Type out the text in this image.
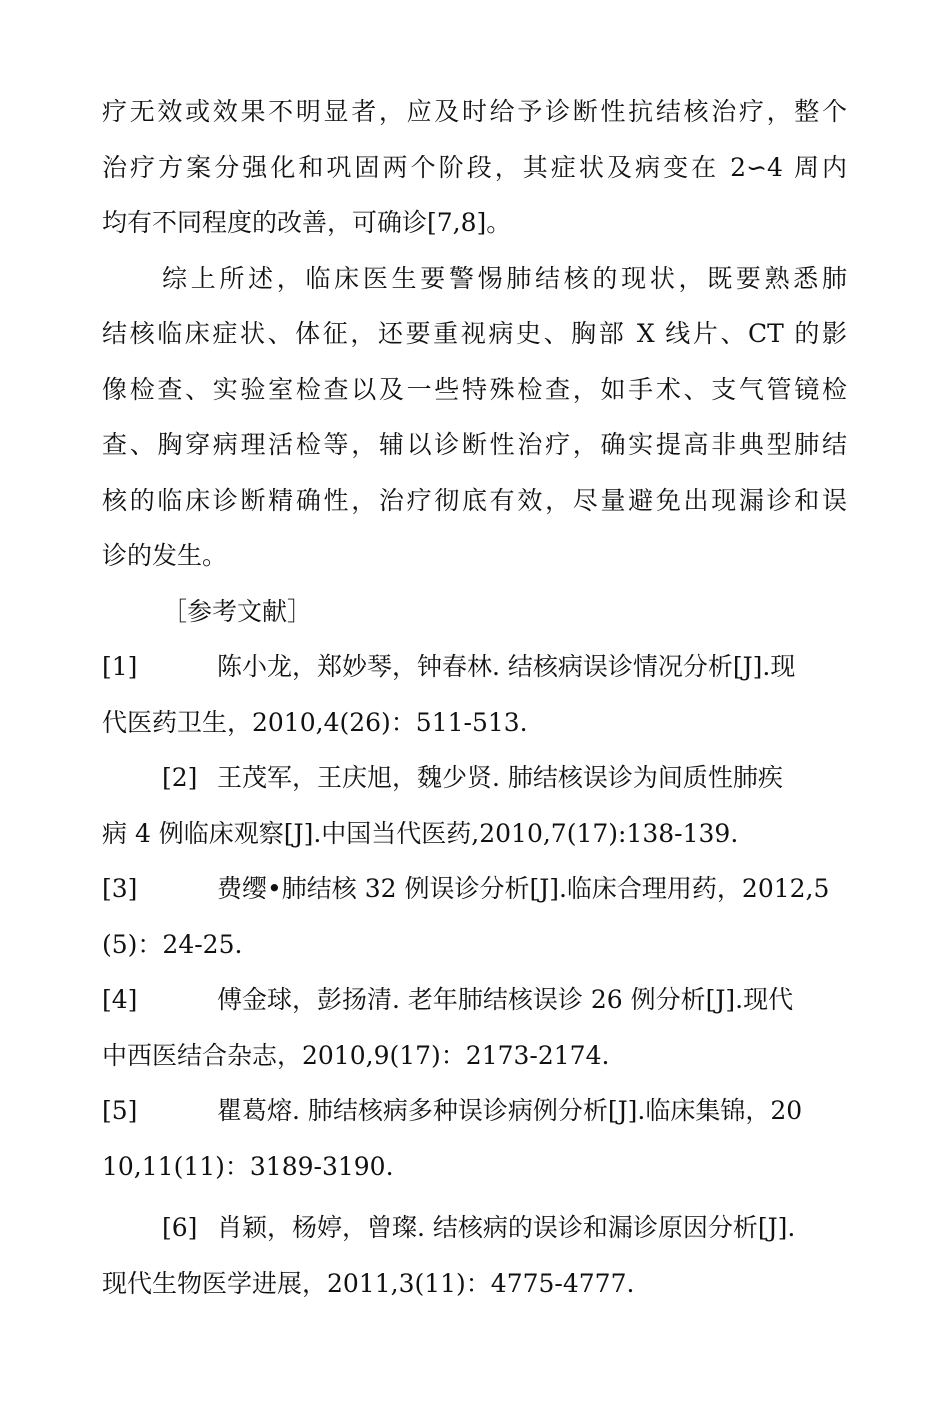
疗无效或效果不明显者，应及时给予诊断性抗结核治疗，整个
治疗方案分强化和巩固两个阶段，其症状及病变在 2∽4 周内
均有不同程度的改善，可确诊[7,8]。
综上所述，临床医生要警惕肺结核的现状，既要熟悉肺
结核临床症状、体征，还要重视病史、胸部 X 线片、CT 的影
像检查、实验室检查以及一些特殊检查，如手术、支气管镜检
查、胸穿病理活检等，辅以诊断性治疗，确实提高非典型肺结
核的临床诊断精确性，治疗彻底有效，尽量避免出现漏诊和误
诊的发生。
［参考文献］
[1]	陈小龙，郑妙琴，钟春林. 结核病误诊情况分析[J].现
代医药卫生，2010,4(26)：511-513.
[2] 王茂军，王庆旭，魏少贤. 肺结核误诊为间质性肺疾
病 4 例临床观察[J].中国当代医药,2010,7(17):138-139.
[3]	费缨•肺结核 32 例误诊分析[J].临床合理用药，2012,5
(5)：24-25.
[4]	傅金球，彭扬清. 老年肺结核误诊 26 例分析[J].现代
中西医结合杂志，2010,9(17)：2173-2174.
[5]	瞿葛熔. 肺结核病多种误诊病例分析[J].临床集锦，20
10,11(11)：3189-3190.
[6] 肖颖，杨婷，曾璨. 结核病的误诊和漏诊原因分析[J].
现代生物医学进展，2011,3(11)：4775-4777.
